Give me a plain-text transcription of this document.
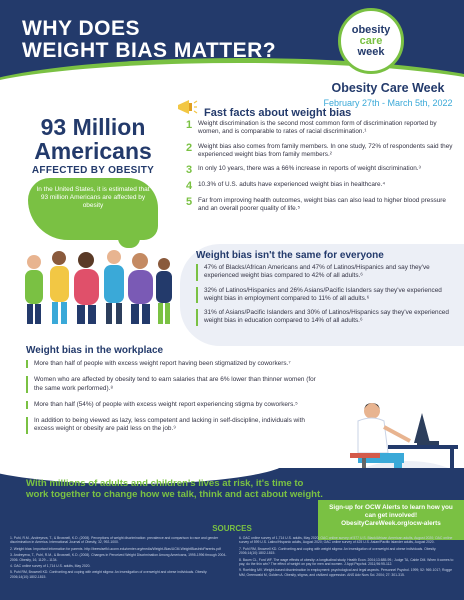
WHY DOES
WEIGHT BIAS MATTER?
obesity
care
week
Obesity Care Week
February 27th - March 5th, 2022
93 Million
Americans
AFFECTED BY OBESITY
In the United States, it is estimated that 93 million Americans are affected by obesity
Fast facts about weight bias
1 Weight discrimination is the second most common form of discrimination reported by women, and is comparable to rates of racial discrimination.¹
2 Weight bias also comes from family members. In one study, 72% of respondents said they experienced weight bias from family members.²
3 In only 10 years, there was a 66% increase in reports of weight discrimination.³
4 10.3% of U.S. adults have experienced weight bias in healthcare.⁴
5 Far from improving health outcomes, weight bias can also lead to higher blood pressure and an overall poorer quality of life.⁵
Weight bias isn't the same for everyone
47% of Blacks/African Americans and 47% of Latinos/Hispanics and say they've experienced weight bias compared to 42% of all adults.⁶
32% of Latinos/Hispanics and 26% Asians/Pacific Islanders say they've experienced weight bias in employment compared to 11% of all adults.⁶
31% of Asians/Pacific Islanders and 30% of Latinos/Hispanics say they've experienced weight bias in education compared to 14% of all adults.⁶
Weight bias in the workplace
More than half of people with excess weight report having been stigmatized by coworkers.⁷
Women who are affected by obesity tend to earn salaries that are 6% lower than thinner women (for the same work performed).⁸
More than half (54%) of people with excess weight report experiencing stigma by coworkers.⁵
In addition to being viewed as lazy, less competent and lacking in self-discipline, individuals with excess weight or obesity are paid less on the job.⁹
With millions of adults and children's lives at risk, it's time to work together to change how we talk, think and act about weight.
Sign-up for OCW Alerts to learn how you can get involved!
ObesityCareWeek.org/ocw-alerts
SOURCES
1. Puhl, R.M., Andreyeva, T., & Brownell, K.D. (2008). Perceptions of weight discrimination: prevalence and comparison to race and gender discrimination in America. International Journal of Obesity, 32, 992-1000.
2. Weight bias: Important information for parents. http://beewisefkl.uconn.edu/center.org/media/Weight-Bias/UCM-WeightBiasInfoParents.pdf
3. Andreyeva, T., Puhl, R.M., & Brownell, K.D. (2008). Changes in Perceived Weight Discrimination Among Americans, 1995-1996 through 2004-2006. Obesity, 16, 1129 – 1134.
4. OAC online survey of 1,714 U.S. adults, May 2020.
5. Puhl RM, Brownell KD. Confronting and coping with weight stigma: An investigation of overweight and obese individuals. Obesity. 2006;14(10):1802-1815.
6. OAC online survey of 1,714 U.S. adults, May 2020; OAC online survey of 577 U.S. Black/African American adults, August 2020; OAC online survey of 599 U.S. Latino/Hispanic adults, August 2020; OAC online survey of 425 U.S. Asian/Pacific Islander adults, August 2020.
7. Puhl RM, Brownell KD. Confronting and coping with weight stigma: An investigation of overweight and obese individuals. Obesity. 2006;14(10):1802-1815.
8. Baum CL, Ford WF. The wage effects of obesity: a longitudinal study. Health Econ. 2004;13:885-99.; Judge TA, Cable DM. When it comes to pay, do the thin win? The effect of weight on pay for men and women. J Appl Psychol. 2011;96:95-112.
9. Roehling MV. Weight-based discrimination in employment: psychological and legal aspects. Personnel Psychol. 1999; 52: 969-1017; Rogge MM, Greenwald M, Golden A. Obesity, stigma, and civilized oppression. ANS Adv Nurs Sci. 2004; 27: 301-315.
